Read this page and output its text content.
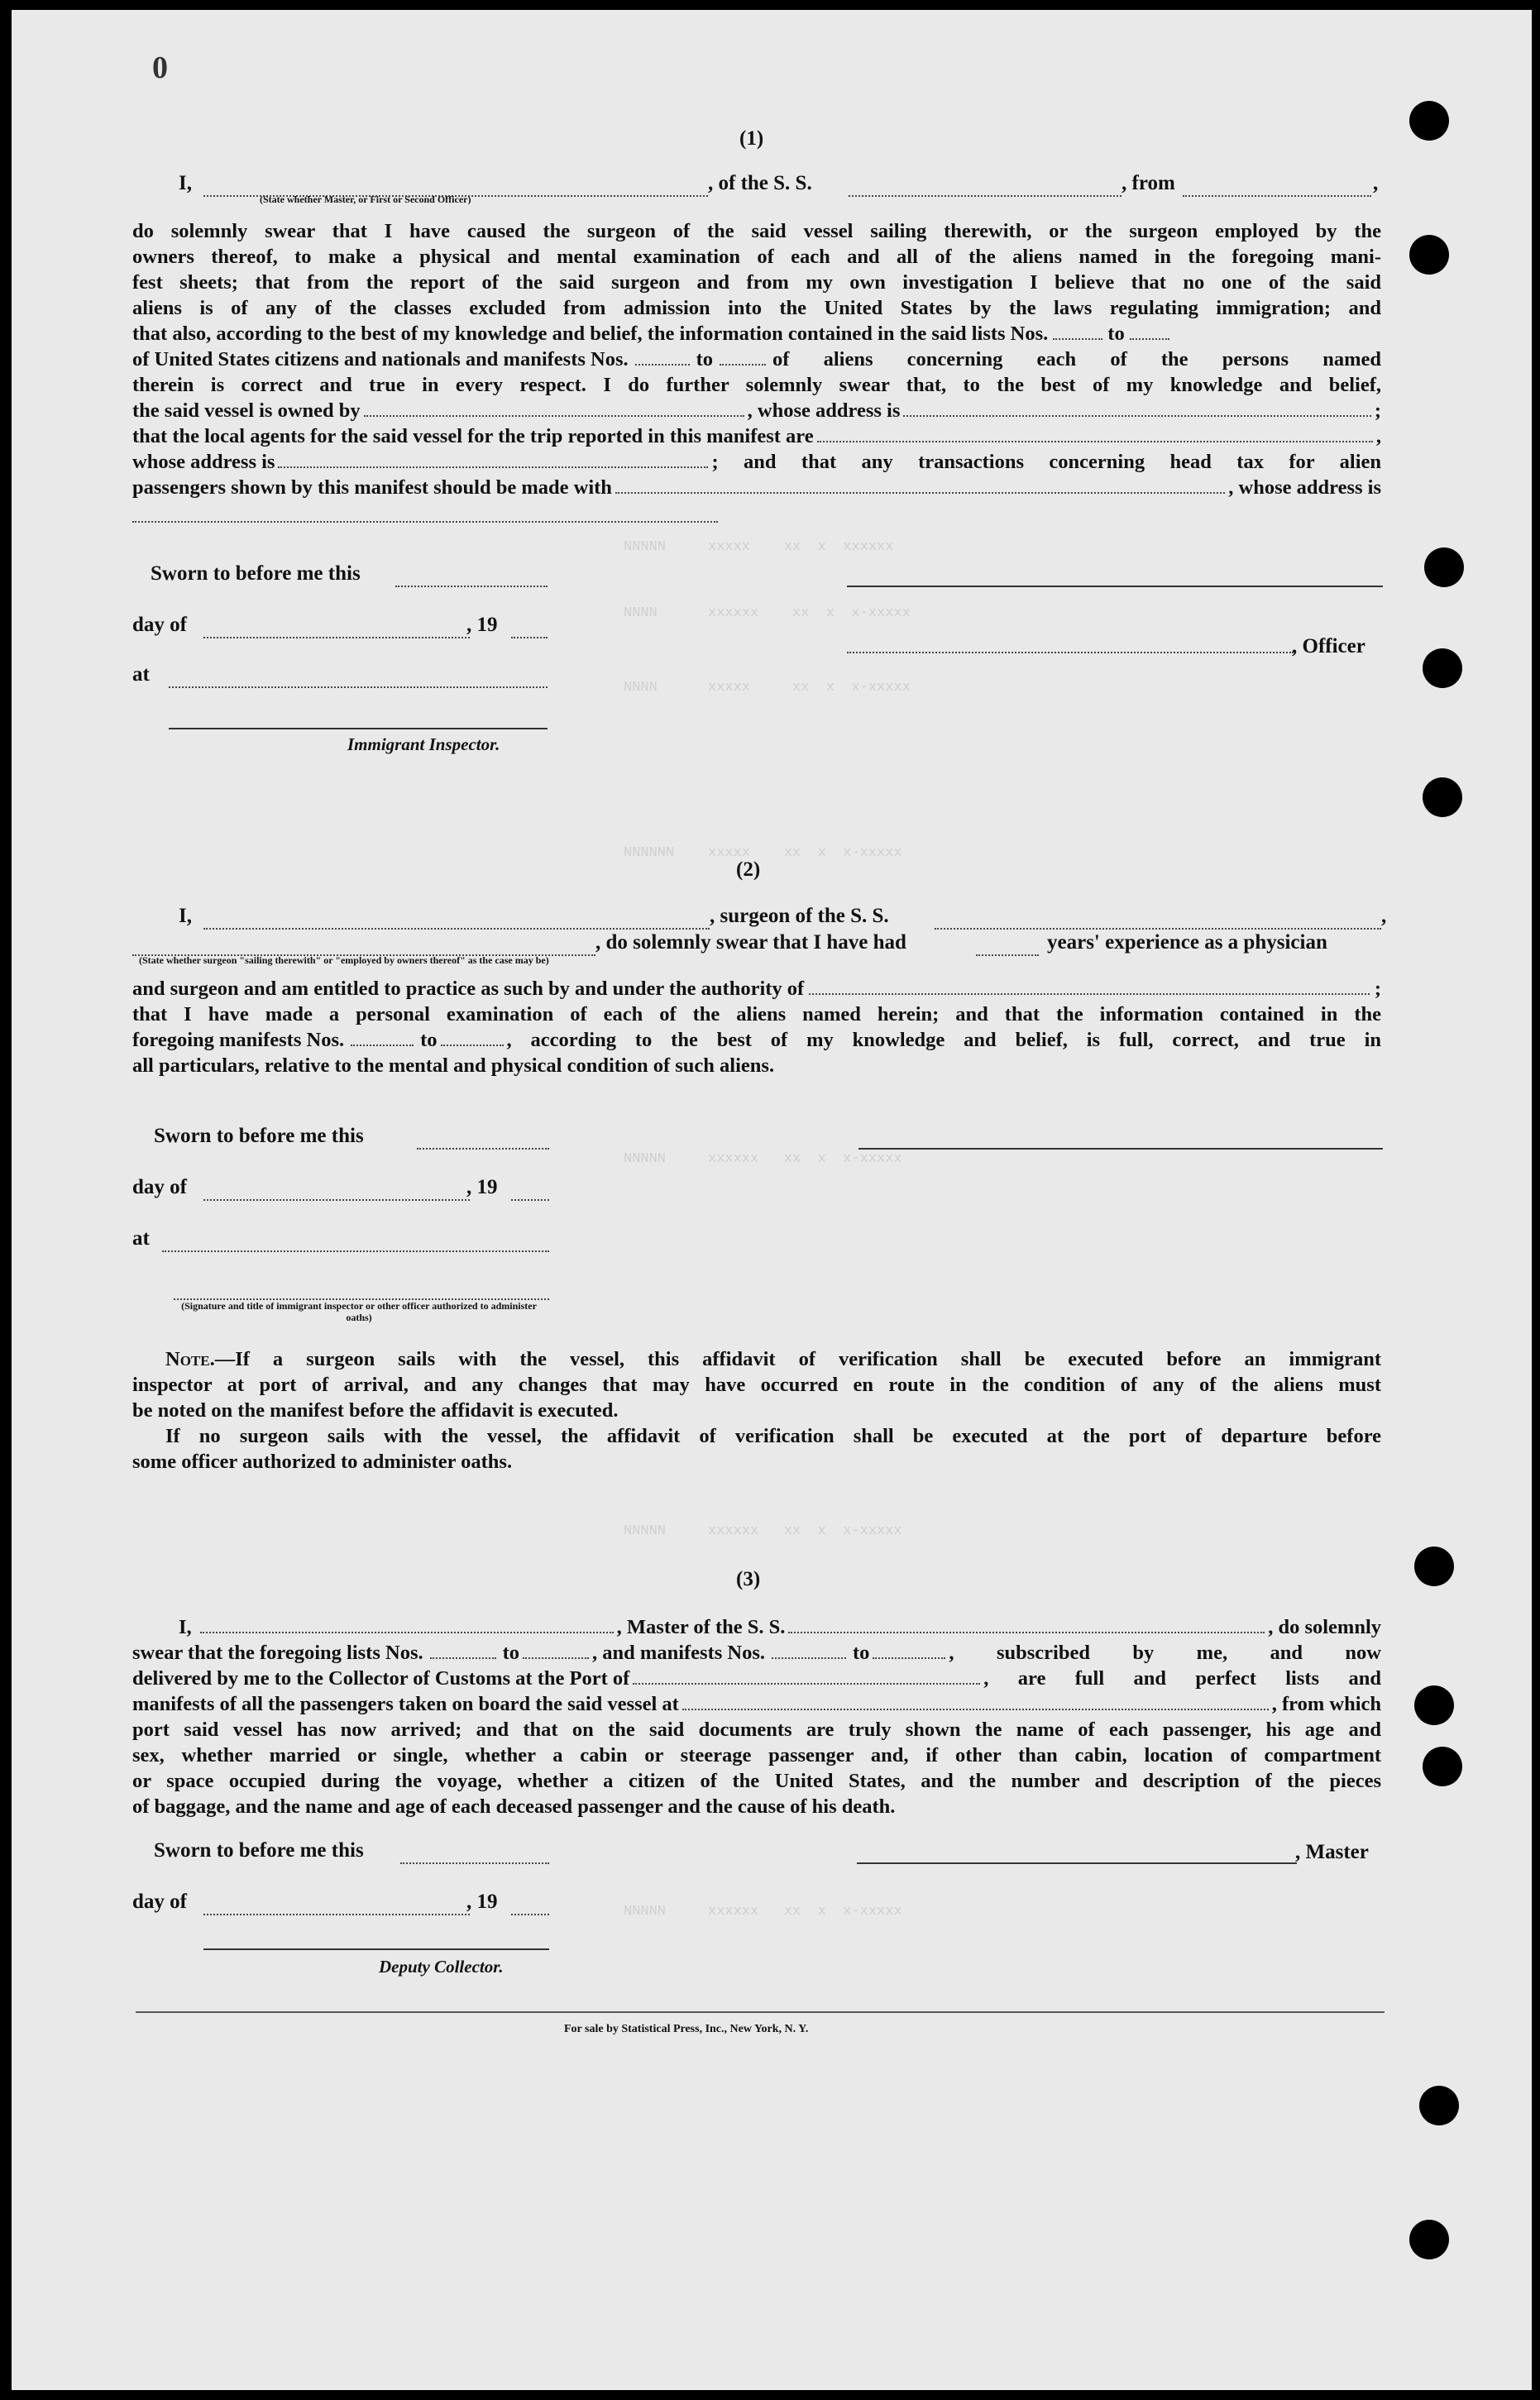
NNNNN     xxxxx    xx  x  xxxxxx
NNNN      xxxxxx    xx  x  x-xxxxx
NNNN      xxxxx     xx  x  x-xxxxx
NNNNNN    xxxxx    xx  x  x-xxxxx
NNNNN     xxxxxx   xx  x  x-xxxxx
NNNNN     xxxxxx   xx  x  x-xxxxx
NNNNN     xxxxxx   xx  x  x-xxxxx
0
(1)
I,
(State whether Master, or First or Second Officer)
, of the S. S.	, from	,
do solemnly swear that I have caused the surgeon of the said vessel sailing therewith, or the surgeon employed by the
owners thereof, to make a physical and mental examination of each and all of the aliens named in the foregoing mani-
fest sheets; that from the report of the said surgeon and from my own investigation I believe that no one of the said
aliens is of any of the classes excluded from admission into the United States by the laws regulating immigration; and
that also, according to the best of my knowledge and belief, the information contained in the said lists Nos.	to
of United States citizens and nationals and manifests Nos.	to	of aliens concerning each of the persons named
therein is correct and true in every respect. I do further solemnly swear that, to the best of my knowledge and belief,
the said vessel is owned by	, whose address is	;
that the local agents for the said vessel for the trip reported in this manifest are	,
whose address is	; and that any transactions concerning head tax for alien
passengers shown by this manifest should be made with	, whose address is
Sworn to before me this
day of	, 19
, Officer
at
Immigrant Inspector.
(2)
I,	, surgeon of the S. S.	,
(State whether surgeon "sailing therewith" or "employed by owners thereof" as the case may be)
, do solemnly swear that I have had	years' experience as a physician
and surgeon and am entitled to practice as such by and under the authority of	;
that I have made a personal examination of each of the aliens named herein; and that the information contained in the
foregoing manifests Nos.	to	, according to the best of my knowledge and belief, is full, correct, and true in
all particulars, relative to the mental and physical condition of such aliens.
Sworn to before me this
day of	, 19
at
(Signature and title of immigrant inspector or other officer authorized to administer oaths)
Note.—If a surgeon sails with the vessel, this affidavit of verification shall be executed before an immigrant
inspector at port of arrival, and any changes that may have occurred en route in the condition of any of the aliens must
be noted on the manifest before the affidavit is executed.
If no surgeon sails with the vessel, the affidavit of verification shall be executed at the port of departure before
some officer authorized to administer oaths.
(3)
I,	, Master of the S. S.	, do solemnly
swear that the foregoing lists Nos.	to	, and manifests Nos.	to	, subscribed by me, and now
delivered by me to the Collector of Customs at the Port of	, are full and perfect lists and
manifests of all the passengers taken on board the said vessel at	, from which
port said vessel has now arrived; and that on the said documents are truly shown the name of each passenger, his age and
sex, whether married or single, whether a cabin or steerage passenger and, if other than cabin, location of compartment
or space occupied during the voyage, whether a citizen of the United States, and the number and description of the pieces
of baggage, and the name and age of each deceased passenger and the cause of his death.
Sworn to before me this	, Master
day of	, 19
Deputy Collector.
For sale by Statistical Press, Inc., New York, N. Y.
